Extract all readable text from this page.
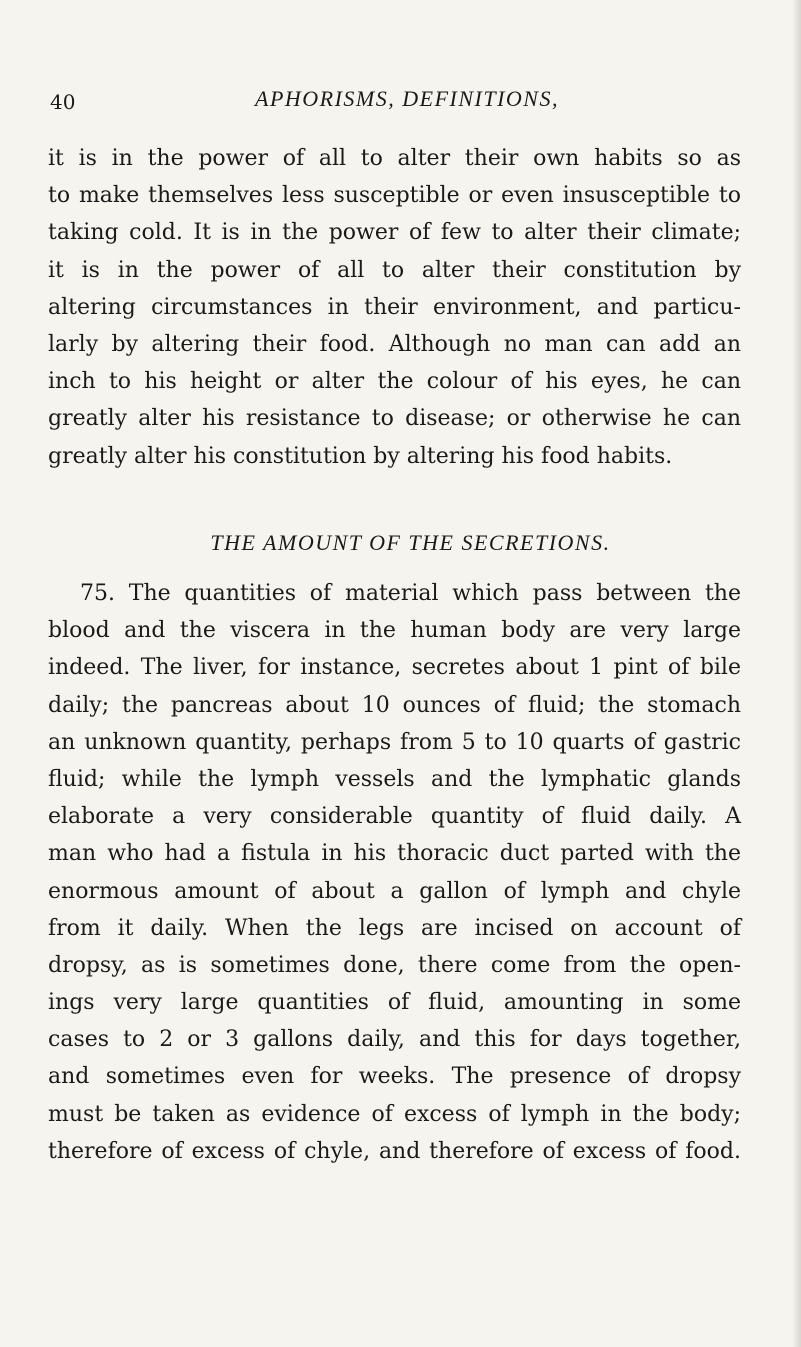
40	APHORISMS, DEFINITIONS,
it is in the power of all to alter their own habits so as
to make themselves less susceptible or even insusceptible to
taking cold. It is in the power of few to alter their climate;
it is in the power of all to alter their constitution by
altering circumstances in their environment, and particu-
larly by altering their food. Although no man can add an
inch to his height or alter the colour of his eyes, he can
greatly alter his resistance to disease; or otherwise he can
greatly alter his constitution by altering his food habits.
THE AMOUNT OF THE SECRETIONS.
75. The quantities of material which pass between the
blood and the viscera in the human body are very large
indeed. The liver, for instance, secretes about 1 pint of bile
daily; the pancreas about 10 ounces of fluid; the stomach
an unknown quantity, perhaps from 5 to 10 quarts of gastric
fluid; while the lymph vessels and the lymphatic glands
elaborate a very considerable quantity of fluid daily. A
man who had a fistula in his thoracic duct parted with the
enormous amount of about a gallon of lymph and chyle
from it daily. When the legs are incised on account of
dropsy, as is sometimes done, there come from the open-
ings very large quantities of fluid, amounting in some
cases to 2 or 3 gallons daily, and this for days together,
and sometimes even for weeks. The presence of dropsy
must be taken as evidence of excess of lymph in the body;
therefore of excess of chyle, and therefore of excess of food.
